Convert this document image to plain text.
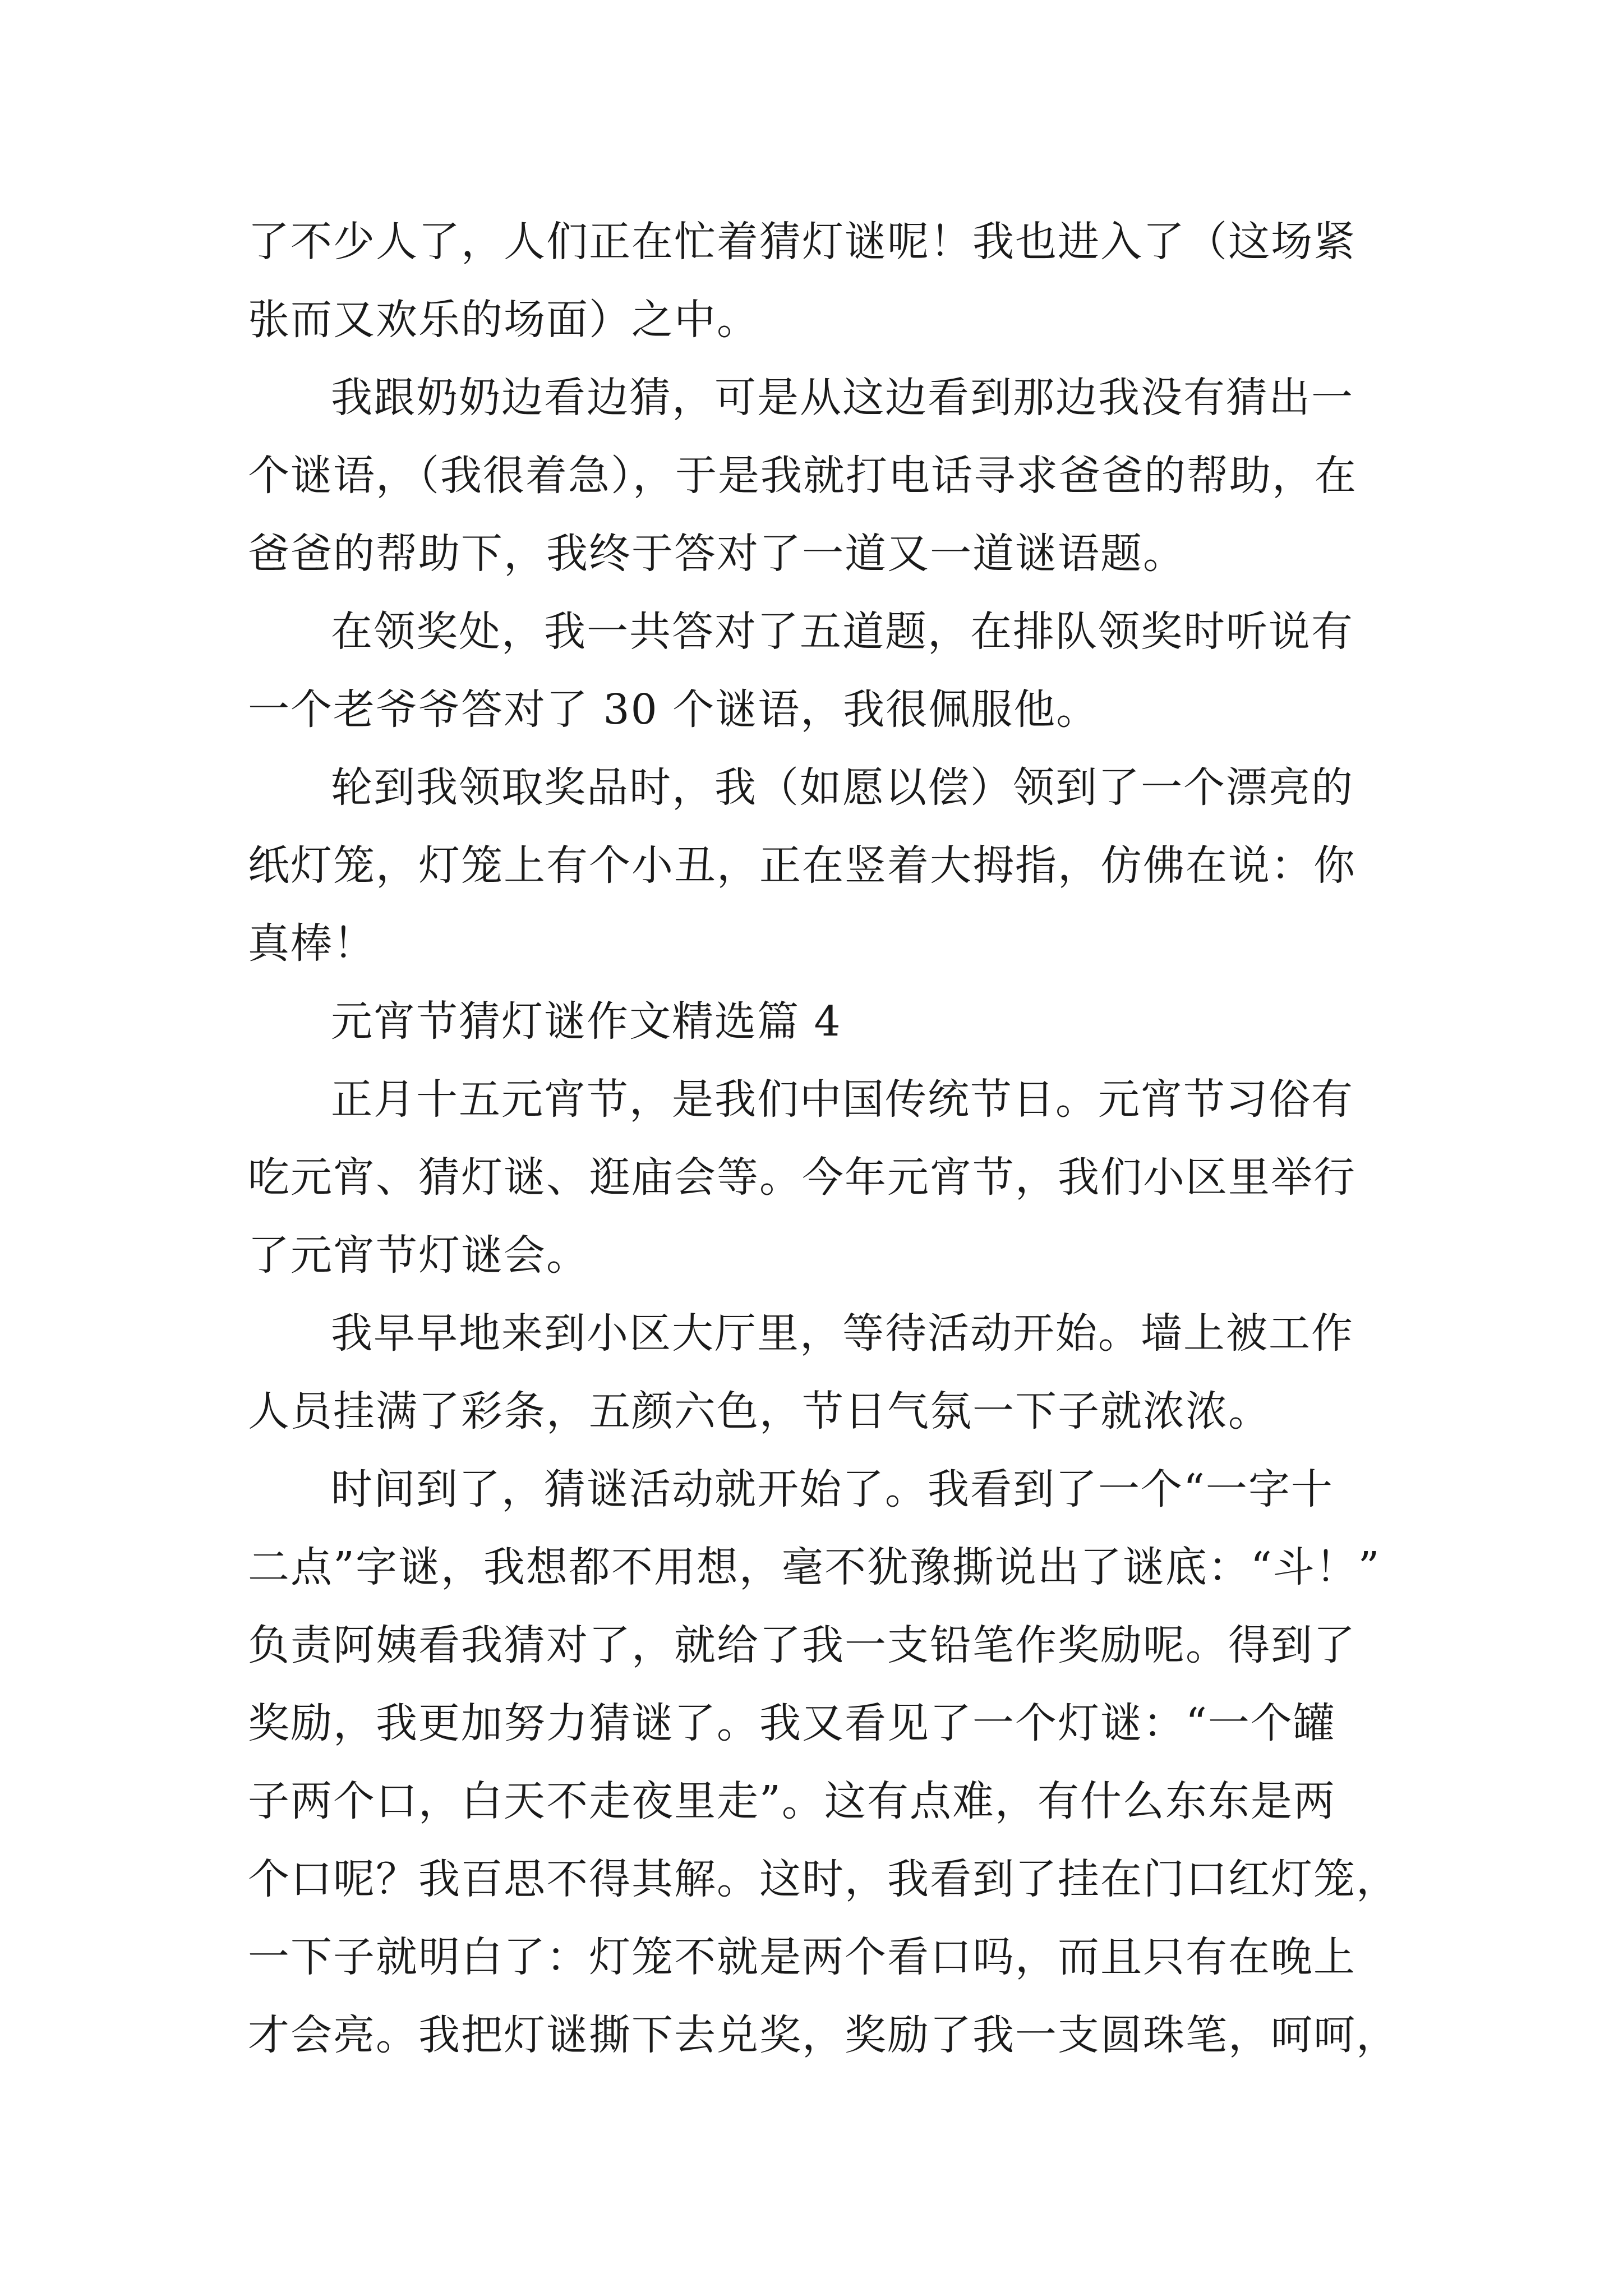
了不少人了，人们正在忙着猜灯谜呢！我也进入了（这场紧
张而又欢乐的场面）之中。
我跟奶奶边看边猜，可是从这边看到那边我没有猜出一
个谜语，（我很着急），于是我就打电话寻求爸爸的帮助，在
爸爸的帮助下，我终于答对了一道又一道谜语题。
在领奖处，我一共答对了五道题，在排队领奖时听说有
一个老爷爷答对了 30 个谜语，我很佩服他。
轮到我领取奖品时，我（如愿以偿）领到了一个漂亮的
纸灯笼，灯笼上有个小丑，正在竖着大拇指，仿佛在说：你
真棒！
元宵节猜灯谜作文精选篇 4
正月十五元宵节，是我们中国传统节日。元宵节习俗有
吃元宵、猜灯谜、逛庙会等。今年元宵节，我们小区里举行
了元宵节灯谜会。
我早早地来到小区大厅里，等待活动开始。墙上被工作
人员挂满了彩条，五颜六色，节日气氛一下子就浓浓。
时间到了，猜谜活动就开始了。我看到了一个“一字十
二点”字谜，我想都不用想，毫不犹豫撕说出了谜底：“斗！”
负责阿姨看我猜对了，就给了我一支铅笔作奖励呢。得到了
奖励，我更加努力猜谜了。我又看见了一个灯谜：“一个罐
子两个口，白天不走夜里走”。这有点难，有什么东东是两
个口呢？我百思不得其解。这时，我看到了挂在门口红灯笼，
一下子就明白了：灯笼不就是两个看口吗，而且只有在晚上
才会亮。我把灯谜撕下去兑奖，奖励了我一支圆珠笔，呵呵，
